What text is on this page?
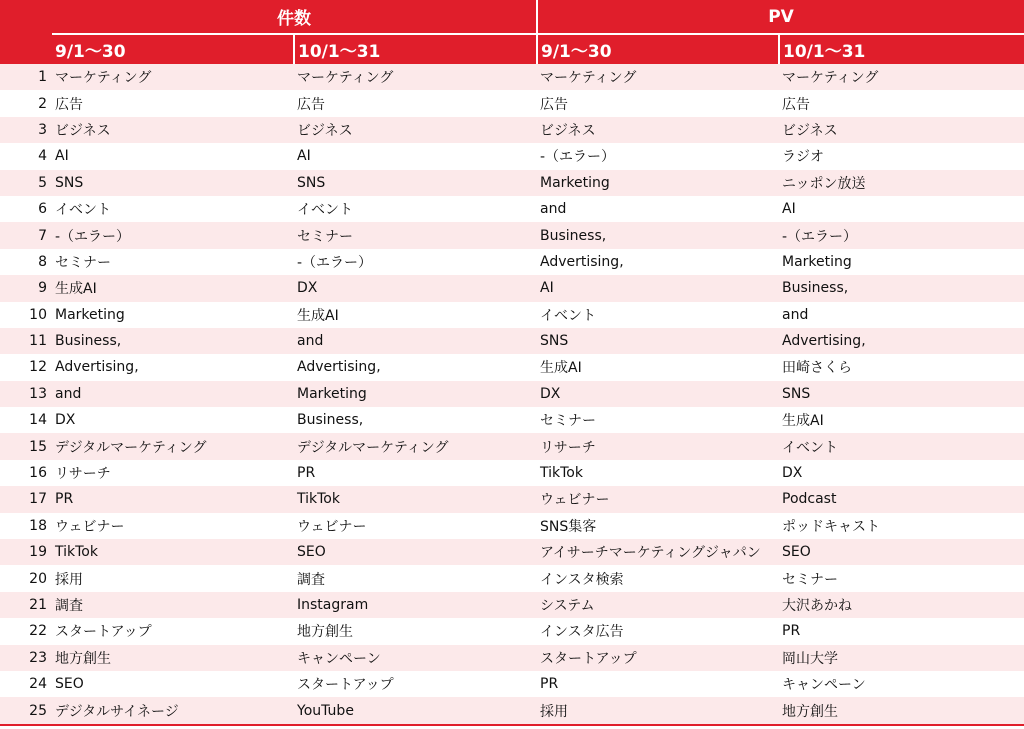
	件数		PV	
	9/1〜30	10/1〜31	9/1〜30	10/1〜31
1	マーケティング	マーケティング	マーケティング	マーケティング
2	広告	広告	広告	広告
3	ビジネス	ビジネス	ビジネス	ビジネス
4	AI	AI	-（エラー）	ラジオ
5	SNS	SNS	Marketing	ニッポン放送
6	イベント	イベント	and	AI
7	-（エラー）	セミナー	Business,	-（エラー）
8	セミナー	-（エラー）	Advertising,	Marketing
9	生成AI	DX	AI	Business,
10	Marketing	生成AI	イベント	and
11	Business,	and	SNS	Advertising,
12	Advertising,	Advertising,	生成AI	田崎さくら
13	and	Marketing	DX	SNS
14	DX	Business,	セミナー	生成AI
15	デジタルマーケティング	デジタルマーケティング	リサーチ	イベント
16	リサーチ	PR	TikTok	DX
17	PR	TikTok	ウェビナー	Podcast
18	ウェビナー	ウェビナー	SNS集客	ポッドキャスト
19	TikTok	SEO	アイサーチマーケティングジャパン	SEO
20	採用	調査	インスタ検索	セミナー
21	調査	Instagram	システム	大沢あかね
22	スタートアップ	地方創生	インスタ広告	PR
23	地方創生	キャンペーン	スタートアップ	岡山大学
24	SEO	スタートアップ	PR	キャンペーン
25	デジタルサイネージ	YouTube	採用	地方創生
